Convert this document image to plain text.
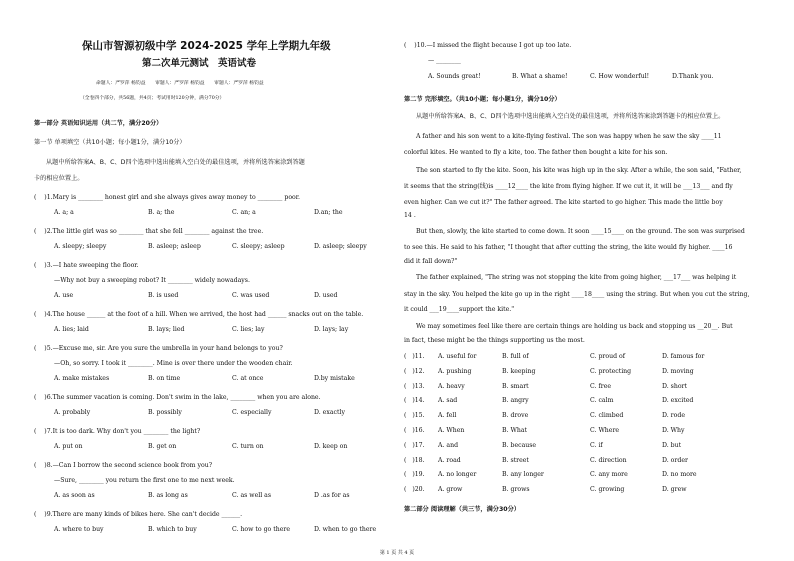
保山市智源初级中学 2024-2025 学年上学期九年级
第二次单元测试　英语试卷
命题人：严罗萍 杨钧益　　审题人：严罗萍 杨钧益　　审题人：严罗萍 杨钧益
（全卷四个部分，共56题，共4页；考试用时120分钟，满分70分）
第一部分 英语知识运用（共二节，满分20分）
第一节 单项填空（共10小题；每小题1分，满分10分）
从题中所给答案A、B、C、D四个选项中选出能填入空白处的最佳选项，并将所选答案涂到答题
卡的相应位置上。
(    )1.Mary is ________ honest girl and she always gives away money to ________ poor.
A. a; a	B. a; the	C. an; a	D.an; the
(    )2.The little girl was so ________ that she fell ________ against the tree.
A. sleepy; sleepy	B. asleep; asleep	C. sleepy; asleep	D. asleep; sleepy
(    )3.—I hate sweeping the floor.
—Why not buy a sweeping robot? It ________ widely nowadays.
A. use	B. is used	C. was used	D. used
(    )4.The house ______ at the foot of a hill. When we arrived, the host had ______ snacks out on the table.
A. lies; laid	B. lays; lied	C. lies; lay	D. lays; lay
(    )5.—Excuse me, sir. Are you sure the umbrella in your hand belongs to you?
—Oh, so sorry. I took it ________. Mine is over there under the wooden chair.
A. make mistakes	B. on time	C. at once	D.by mistake
(    )6.The summer vacation is coming. Don't swim in the lake, ________ when you are alone.
A. probably	B. possibly	C. especially	D. exactly
(    )7.It is too dark. Why don't you ________ the light?
A. put on	B. get on	C. turn on	D. keep on
(    )8.—Can I borrow the second science book from you?
—Sure, ________ you return the first one to me next week.
A. as soon as	B. as long as	C. as well as	D .as for as
(    )9.There are many kinds of bikes here. She can't decide ______.
A. where to buy	B. which to buy	C. how to go there	D. when to go there
(    )10.—I missed the flight because I got up too late.
— ________
A. Sounds great!	B. What a shame!	C. How wonderful!	D.Thank you.
第二节 完形填空。（共10小题；每小题1分，满分10分）
从题中所给答案A、B、C、D四个选项中选出能填入空白处的最佳选项，并将所选答案涂到答题卡的相应位置上。
A father and his son went to a kite-flying festival. The son was happy when he saw the sky ____11
colorful kites. He wanted to fly a kite, too. The father then bought a kite for his son.
The son started to fly the kite. Soon, his kite was high up in the sky. After a while, the son said, "Father,
it seems that the string(线)is ____12____ the kite from flying higher. If we cut it, it will be ___13___ and fly
even higher. Can we cut it?" The father agreed. The kite started to go higher. This made the little boy
14 .
But then, slowly, the kite started to come down. It soon ____15____ on the ground. The son was surprised
to see this. He said to his father, "I thought that after cutting the string, the kite would fly higher. ____16
did it fall down?"
The father explained, "The string was not stopping the kite from going higher, ___17___ was helping it
stay in the sky. You helped the kite go up in the right ____18____ using the string. But when you cut the string,
it could ___19____support the kite."
We may sometimes feel like there are certain things are holding us back and stopping us __20__. But
in fact, these might be the things supporting us the most.
(   )11. A. useful for	B. full of	C. proud of	D. famous for
(   )12. A. pushing	B. keeping	C. protecting	D. moving
(   )13. A. heavy	B. smart	C. free	D. short
(   )14. A. sad	B. angry	C. calm	D. excited
(   )15. A. fell	B. drove	C. climbed	D. rode
(   )16. A. When	B. What	C. Where	D. Why
(   )17. A. and	B. because	C. if	D. but
(   )18. A. road	B. street	C. direction	D. order
(   )19. A. no longer	B. any longer	C. any more	D. no more
(   )20. A. grow	B. grows	C. growing	D. grew
第二部分 阅读理解（共三节，满分30分）
第 1 页 共 4 页
